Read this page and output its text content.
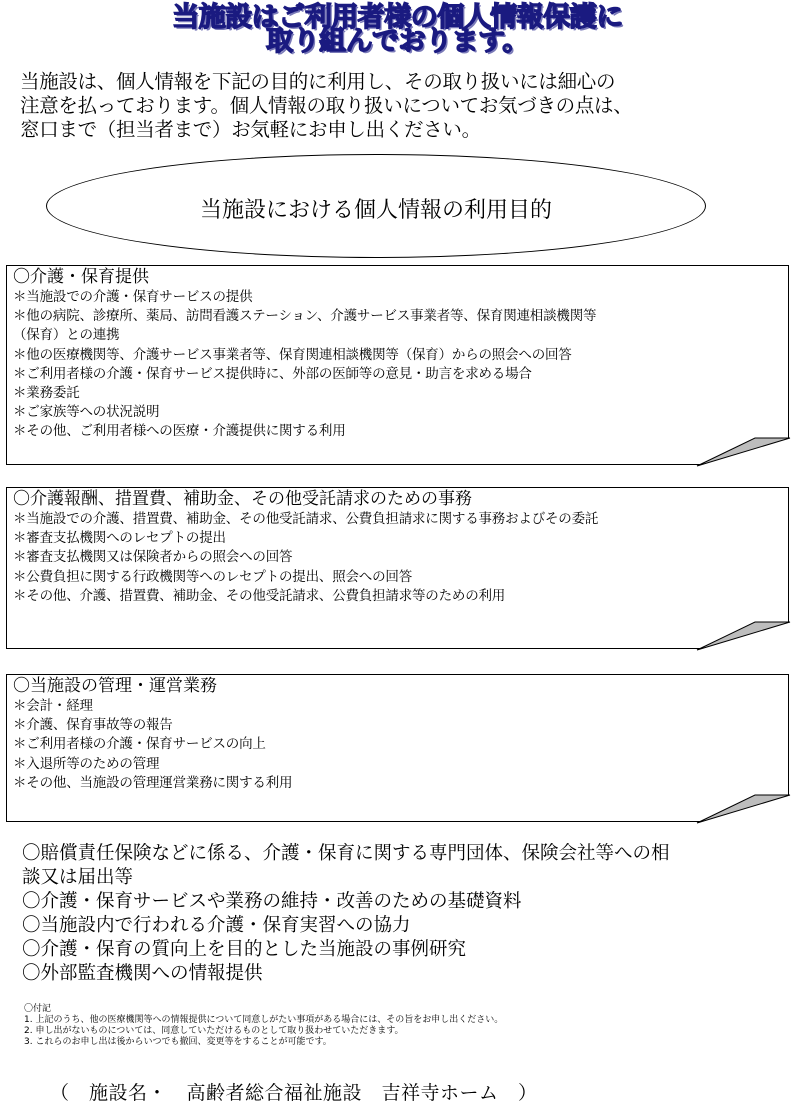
当施設はご利用者様の個人情報保護に
取り組んでおります。
当施設は、個人情報を下記の目的に利用し、その取り扱いには細心の
注意を払っております。個人情報の取り扱いについてお気づきの点は、
窓口まで（担当者まで）お気軽にお申し出ください。
当施設における個人情報の利用目的
〇介護・保育提供
＊当施設での介護・保育サービスの提供
＊他の病院、診療所、薬局、訪問看護ステーション、介護サービス事業者等、保育関連相談機関等
（保育）との連携
＊他の医療機関等、介護サービス事業者等、保育関連相談機関等（保育）からの照会への回答
＊ご利用者様の介護・保育サービス提供時に、外部の医師等の意見・助言を求める場合
＊業務委託
＊ご家族等への状況説明
＊その他、ご利用者様への医療・介護提供に関する利用
〇介護報酬、措置費、補助金、その他受託請求のための事務
＊当施設での介護、措置費、補助金、その他受託請求、公費負担請求に関する事務およびその委託
＊審査支払機関へのレセプトの提出
＊審査支払機関又は保険者からの照会への回答
＊公費負担に関する行政機関等へのレセプトの提出、照会への回答
＊その他、介護、措置費、補助金、その他受託請求、公費負担請求等のための利用
〇当施設の管理・運営業務
＊会計・経理
＊介護、保育事故等の報告
＊ご利用者様の介護・保育サービスの向上
＊入退所等のための管理
＊その他、当施設の管理運営業務に関する利用
〇賠償責任保険などに係る、介護・保育に関する専門団体、保険会社等への相
談又は届出等
〇介護・保育サービスや業務の維持・改善のための基礎資料
〇当施設内で行われる介護・保育実習への協力
〇介護・保育の質向上を目的とした当施設の事例研究
〇外部監査機関への情報提供
〇付記
1. 上記のうち、他の医療機関等への情報提供について同意しがたい事項がある場合には、その旨をお申し出ください。
2. 申し出がないものについては、同意していただけるものとして取り扱わせていただきます。
3. これらのお申し出は後からいつでも撤回、変更等をすることが可能です。
（　施設名・　高齢者総合福祉施設　吉祥寺ホーム　）
